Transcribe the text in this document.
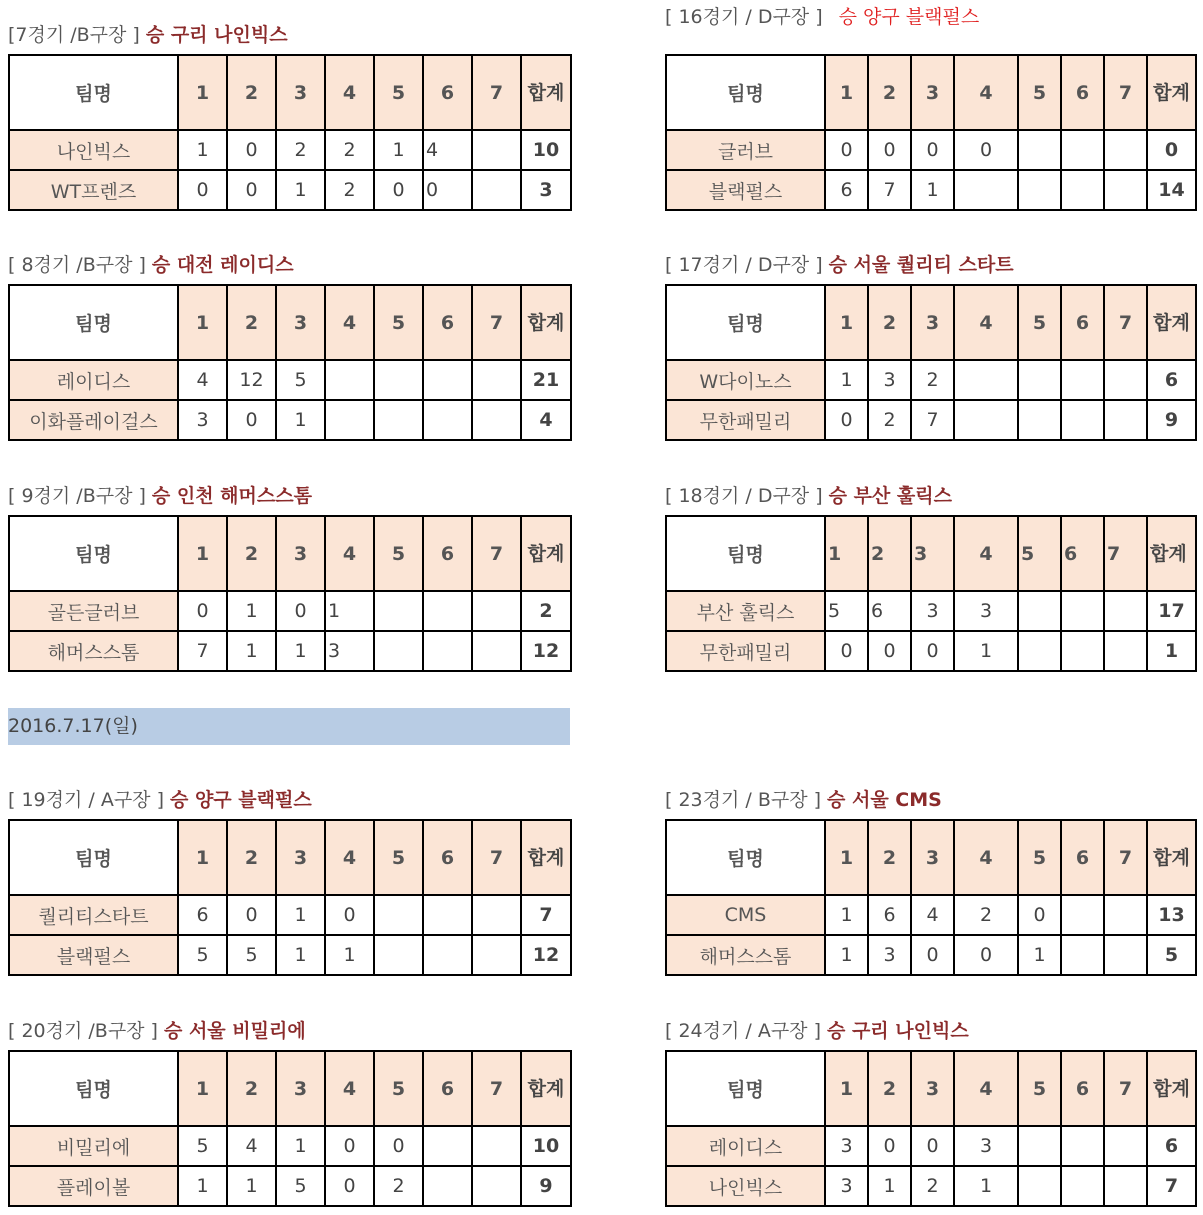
[7경기 /B구장 ] 승 구리 나인빅스
팀명	1	2	3	4	5	6	7	합계
나인빅스	1	0	2	2	1	4		10
WT프렌즈	0	0	1	2	0	0		3
[ 8경기 /B구장 ] 승 대전 레이디스
팀명	1	2	3	4	5	6	7	합계
레이디스	4	12	5					21
이화플레이걸스	3	0	1					4
[ 9경기 /B구장 ] 승 인천 해머스스톰
팀명	1	2	3	4	5	6	7	합계
골든글러브	0	1	0	1				2
해머스스톰	7	1	1	3				12
2016.7.17(일)
[ 19경기 / A구장 ] 승 양구 블랙펄스
팀명	1	2	3	4	5	6	7	합계
퀄리티스타트	6	0	1	0				7
블랙펄스	5	5	1	1				12
[ 20경기 /B구장 ] 승 서울 비밀리에
팀명	1	2	3	4	5	6	7	합계
비밀리에	5	4	1	0	0			10
플레이볼	1	1	5	0	2			9
[ 16경기 / D구장 ] 승 양구 블랙펄스
팀명	1	2	3	4	5	6	7	합계
글러브	0	0	0	0				0
블랙펄스	6	7	1					14
[ 17경기 / D구장 ] 승 서울 퀄리티 스타트
팀명	1	2	3	4	5	6	7	합계
W다이노스	1	3	2					6
무한패밀리	0	2	7					9
[ 18경기 / D구장 ] 승 부산 훌릭스
팀명	1	2	3	4	5	6	7	합계
부산 훌릭스	5	6	3	3				17
무한패밀리	0	0	0	1				1
[ 23경기 / B구장 ] 승 서울 CMS
팀명	1	2	3	4	5	6	7	합계
CMS	1	6	4	2	0			13
해머스스톰	1	3	0	0	1			5
[ 24경기 / A구장 ] 승 구리 나인빅스
팀명	1	2	3	4	5	6	7	합계
레이디스	3	0	0	3				6
나인빅스	3	1	2	1				7
